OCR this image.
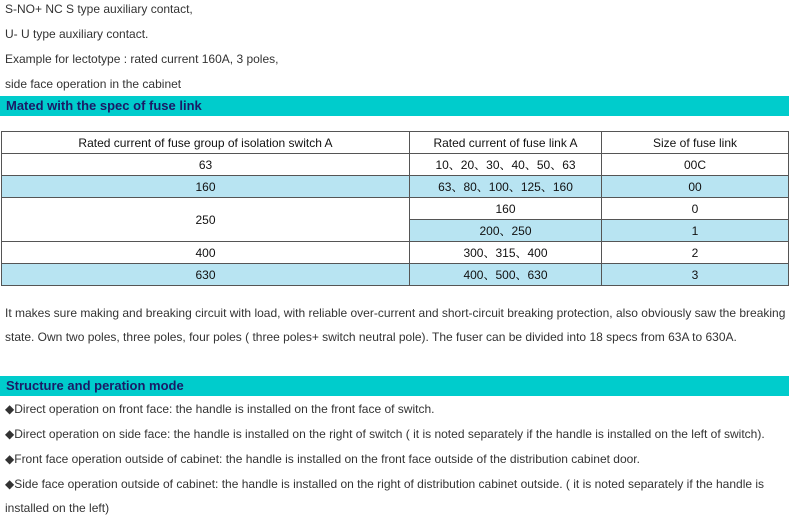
S-NO+ NC S type auxiliary contact,
U- U type auxiliary contact.
Example for lectotype : rated current 160A, 3 poles,
side face operation in the cabinet
Mated with the spec of fuse link
Rated current of fuse group of isolation switch A	Rated current of fuse link A	Size of fuse link
63	10、20、30、40、50、63	00C
160	63、80、100、125、160	00
250	160	0
	200、250	1
400	300、315、400	2
630	400、500、630	3
It makes sure making and breaking circuit with load, with reliable over-current and short-circuit breaking protection, also obviously saw the breaking state. Own two poles, three poles, four poles ( three poles+ switch neutral pole). The fuser can be divided into 18 specs from 63A to 630A.
Structure and peration mode
◆Direct operation on front face: the handle is installed on the front face of switch.
◆Direct operation on side face: the handle is installed on the right of switch ( it is noted separately if the handle is installed on the left of switch).
◆Front face operation outside of cabinet: the handle is installed on the front face outside of the distribution cabinet door.
◆Side face operation outside of cabinet: the handle is installed on the right of distribution cabinet outside. ( it is noted separately if the handle is installed on the left)
